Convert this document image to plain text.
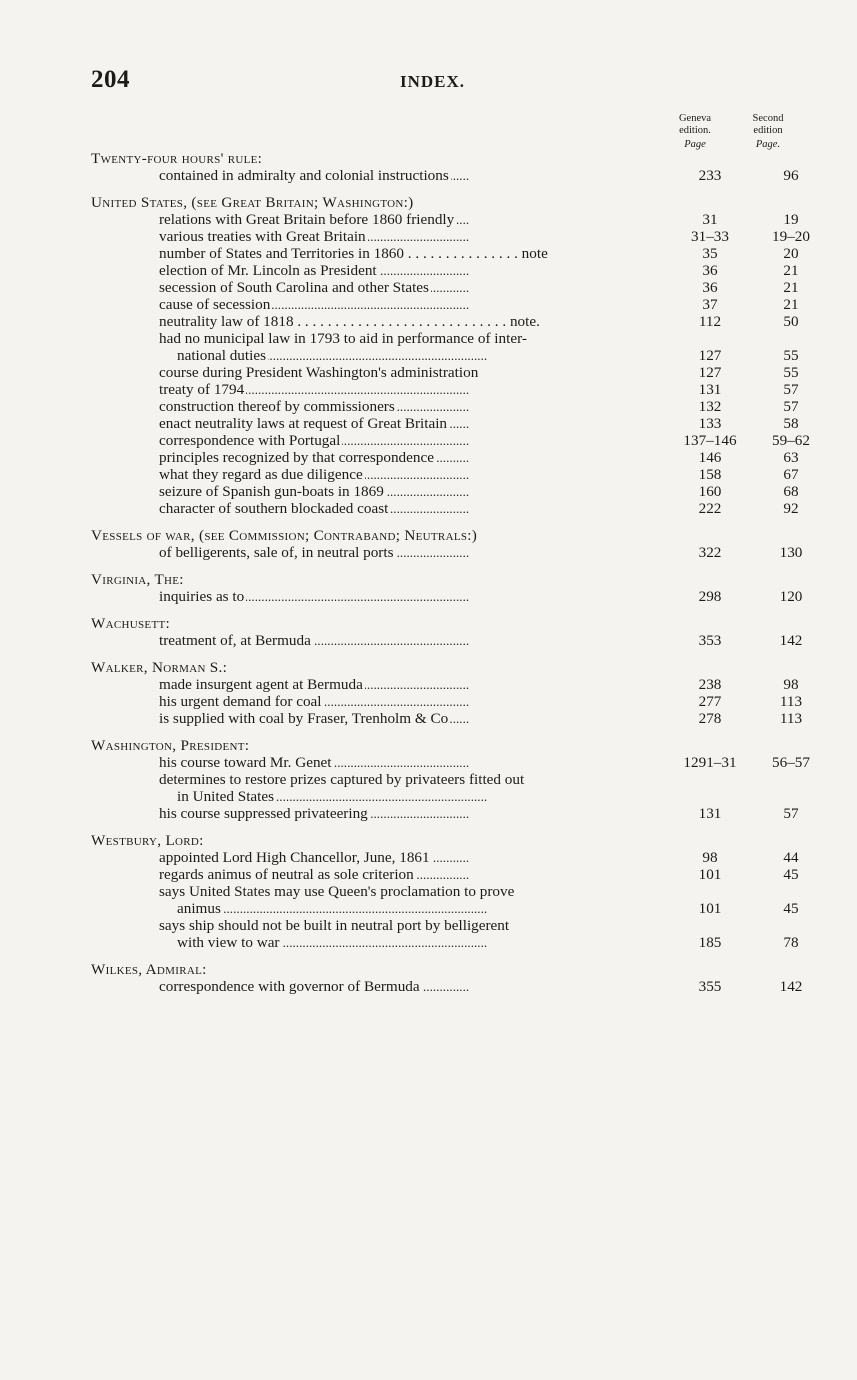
204	INDEX.
Geneva
edition.
Page
Second
edition
Page.
Twenty-four hours' rule:
contained in admiralty and colonial instructions . . .	233	96
United States, (see Great Britain; Washington:)
relations with Great Britain before 1860 friendly . . .	31	19
various treaties with Great Britain . . .	31–33	19–20
number of States and Territories in 1860 . . . . . . . . . . . . . . . note . . .	35	20
election of Mr. Lincoln as President . . .	36	21
secession of South Carolina and other States . . .	36	21
cause of secession . . .	37	21
neutrality law of 1818 . . . . . . . . . . . . . . . . . . . . . . . . . . . . note. . . .	112	50
had no municipal law in 1793 to aid in performance of inter-
national duties . . .	127	55
course during President Washington's administration . . .	127	55
treaty of 1794 . . .	131	57
construction thereof by commissioners . . .	132	57
enact neutrality laws at request of Great Britain . . .	133	58
correspondence with Portugal . . .	137–146	59–62
principles recognized by that correspondence . . .	146	63
what they regard as due diligence . . .	158	67
seizure of Spanish gun-boats in 1869 . . .	160	68
character of southern blockaded coast . . .	222	92
Vessels of war, (see Commission; Contraband; Neutrals:)
of belligerents, sale of, in neutral ports . . .	322	130
Virginia, The:
inquiries as to . . .	298	120
Wachusett:
treatment of, at Bermuda . . .	353	142
Walker, Norman S.:
made insurgent agent at Bermuda . . .	238	98
his urgent demand for coal . . .	277	113
is supplied with coal by Fraser, Trenholm & Co . . .	278	113
Washington, President:
his course toward Mr. Genet . . .	1291–31	56–57
determines to restore prizes captured by privateers fitted out
in United States . . .
his course suppressed privateering . . .	131	57
Westbury, Lord:
appointed Lord High Chancellor, June, 1861 . . .	98	44
regards animus of neutral as sole criterion . . .	101	45
says United States may use Queen's proclamation to prove
animus . . .	101	45
says ship should not be built in neutral port by belligerent
with view to war . . .	185	78
Wilkes, Admiral:
correspondence with governor of Bermuda . . .	355	142
